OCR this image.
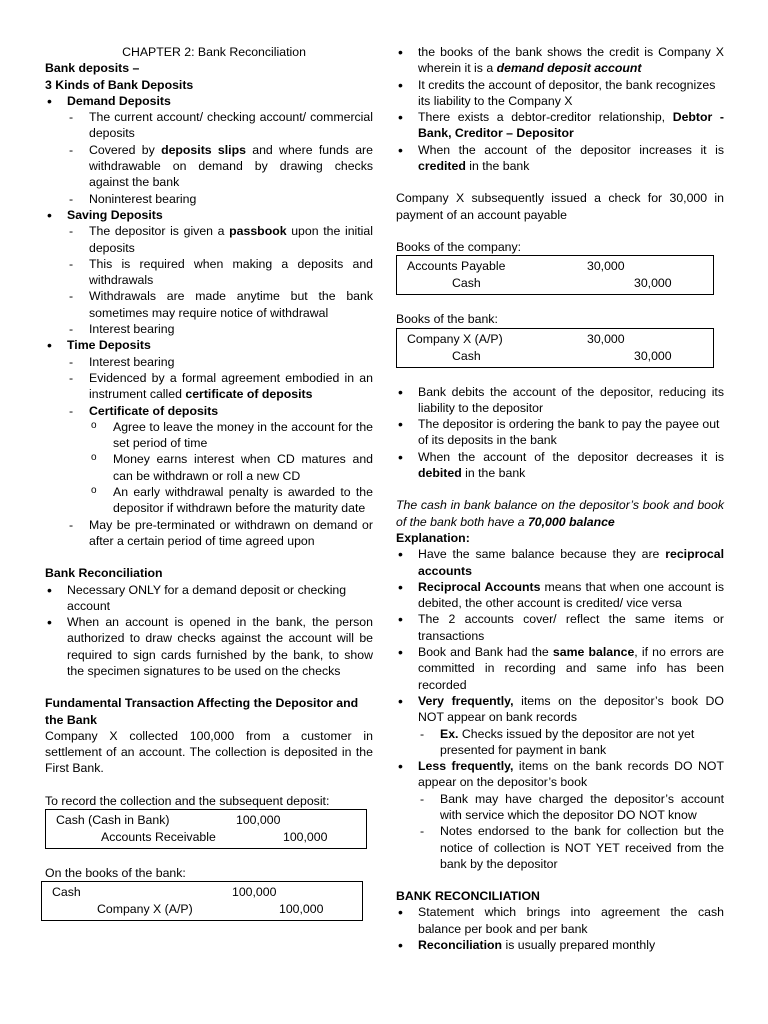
CHAPTER 2: Bank Reconciliation
Bank deposits –
3 Kinds of Bank Deposits
• Demand Deposits
- The current account/ checking account/ commercial deposits
- Covered by deposits slips and where funds are withdrawable on demand by drawing checks against the bank
- Noninterest bearing
• Saving Deposits
- The depositor is given a passbook upon the initial deposits
- This is required when making a deposits and withdrawals
- Withdrawals are made anytime but the bank sometimes may require notice of withdrawal
- Interest bearing
• Time Deposits
- Interest bearing
- Evidenced by a formal agreement embodied in an instrument called certificate of deposits
- Certificate of deposits
o Agree to leave the money in the account for the set period of time
o Money earns interest when CD matures and can be withdrawn or roll a new CD
o An early withdrawal penalty is awarded to the depositor if withdrawn before the maturity date
- May be pre-terminated or withdrawn on demand or after a certain period of time agreed upon
Bank Reconciliation
• Necessary ONLY for a demand deposit or checking account
• When an account is opened in the bank, the person authorized to draw checks against the account will be required to sign cards furnished by the bank, to show the specimen signatures to be used on the checks
Fundamental Transaction Affecting the Depositor and the Bank
Company X collected 100,000 from a customer in settlement of an account. The collection is deposited in the First Bank.
To record the collection and the subsequent deposit:
Cash (Cash in Bank)	100,000
Accounts Receivable	100,000
On the books of the bank:
Cash	100,000
Company X (A/P)	100,000
• the books of the bank shows the credit is Company X wherein it is a demand deposit account
• It credits the account of depositor, the bank recognizes its liability to the Company X
• There exists a debtor-creditor relationship, Debtor - Bank, Creditor – Depositor
• When the account of the depositor increases it is credited in the bank
Company X subsequently issued a check for 30,000 in payment of an account payable
Books of the company:
Accounts Payable	30,000
Cash	30,000
Books of the bank:
Company X (A/P)	30,000
Cash	30,000
• Bank debits the account of the depositor, reducing its liability to the depositor
• The depositor is ordering the bank to pay the payee out of its deposits in the bank
• When the account of the depositor decreases it is debited in the bank
The cash in bank balance on the depositor’s book and book of the bank both have a 70,000 balance
Explanation:
• Have the same balance because they are reciprocal accounts
• Reciprocal Accounts means that when one account is debited, the other account is credited/ vice versa
• The 2 accounts cover/ reflect the same items or transactions
• Book and Bank had the same balance, if no errors are committed in recording and same info has been recorded
• Very frequently, items on the depositor’s book DO NOT appear on bank records
- Ex. Checks issued by the depositor are not yet presented for payment in bank
• Less frequently, items on the bank records DO NOT appear on the depositor’s book
- Bank may have charged the depositor’s account with service which the depositor DO NOT know
- Notes endorsed to the bank for collection but the notice of collection is NOT YET received from the bank by the depositor
BANK RECONCILIATION
• Statement which brings into agreement the cash balance per book and per bank
• Reconciliation is usually prepared monthly
